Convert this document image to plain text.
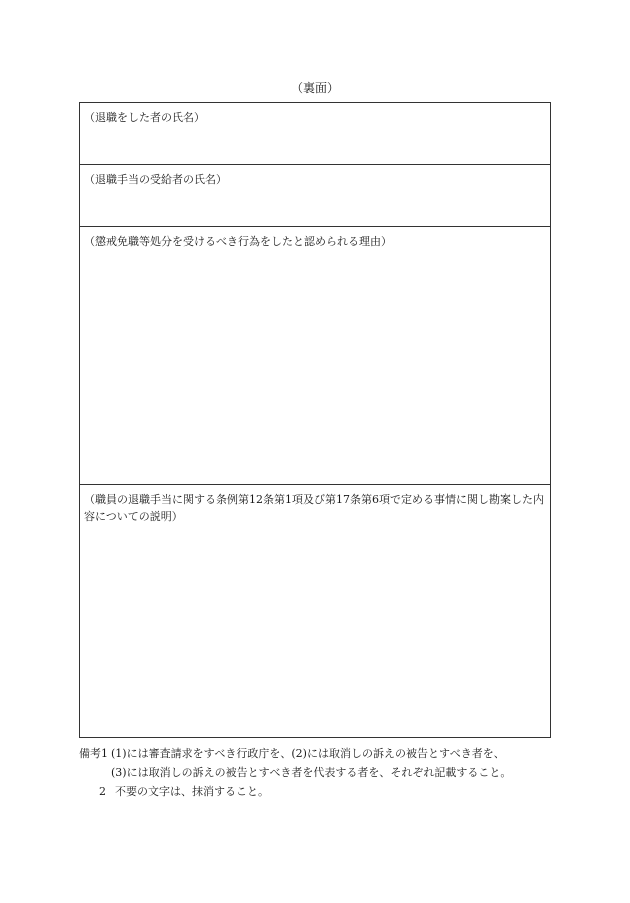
（裏面）
（退職をした者の氏名）
（退職手当の受給者の氏名）
（懲戒免職等処分を受けるべき行為をしたと認められる理由）
（職員の退職手当に関する条例第12条第1項及び第17条第6項で定める事情に関し勘案した内容についての説明）
備考1 (1)には審査請求をすべき行政庁を、(2)には取消しの訴えの被告とすべき者を、
(3)には取消しの訴えの被告とすべき者を代表する者を、それぞれ記載すること。
2 不要の文字は、抹消すること。
